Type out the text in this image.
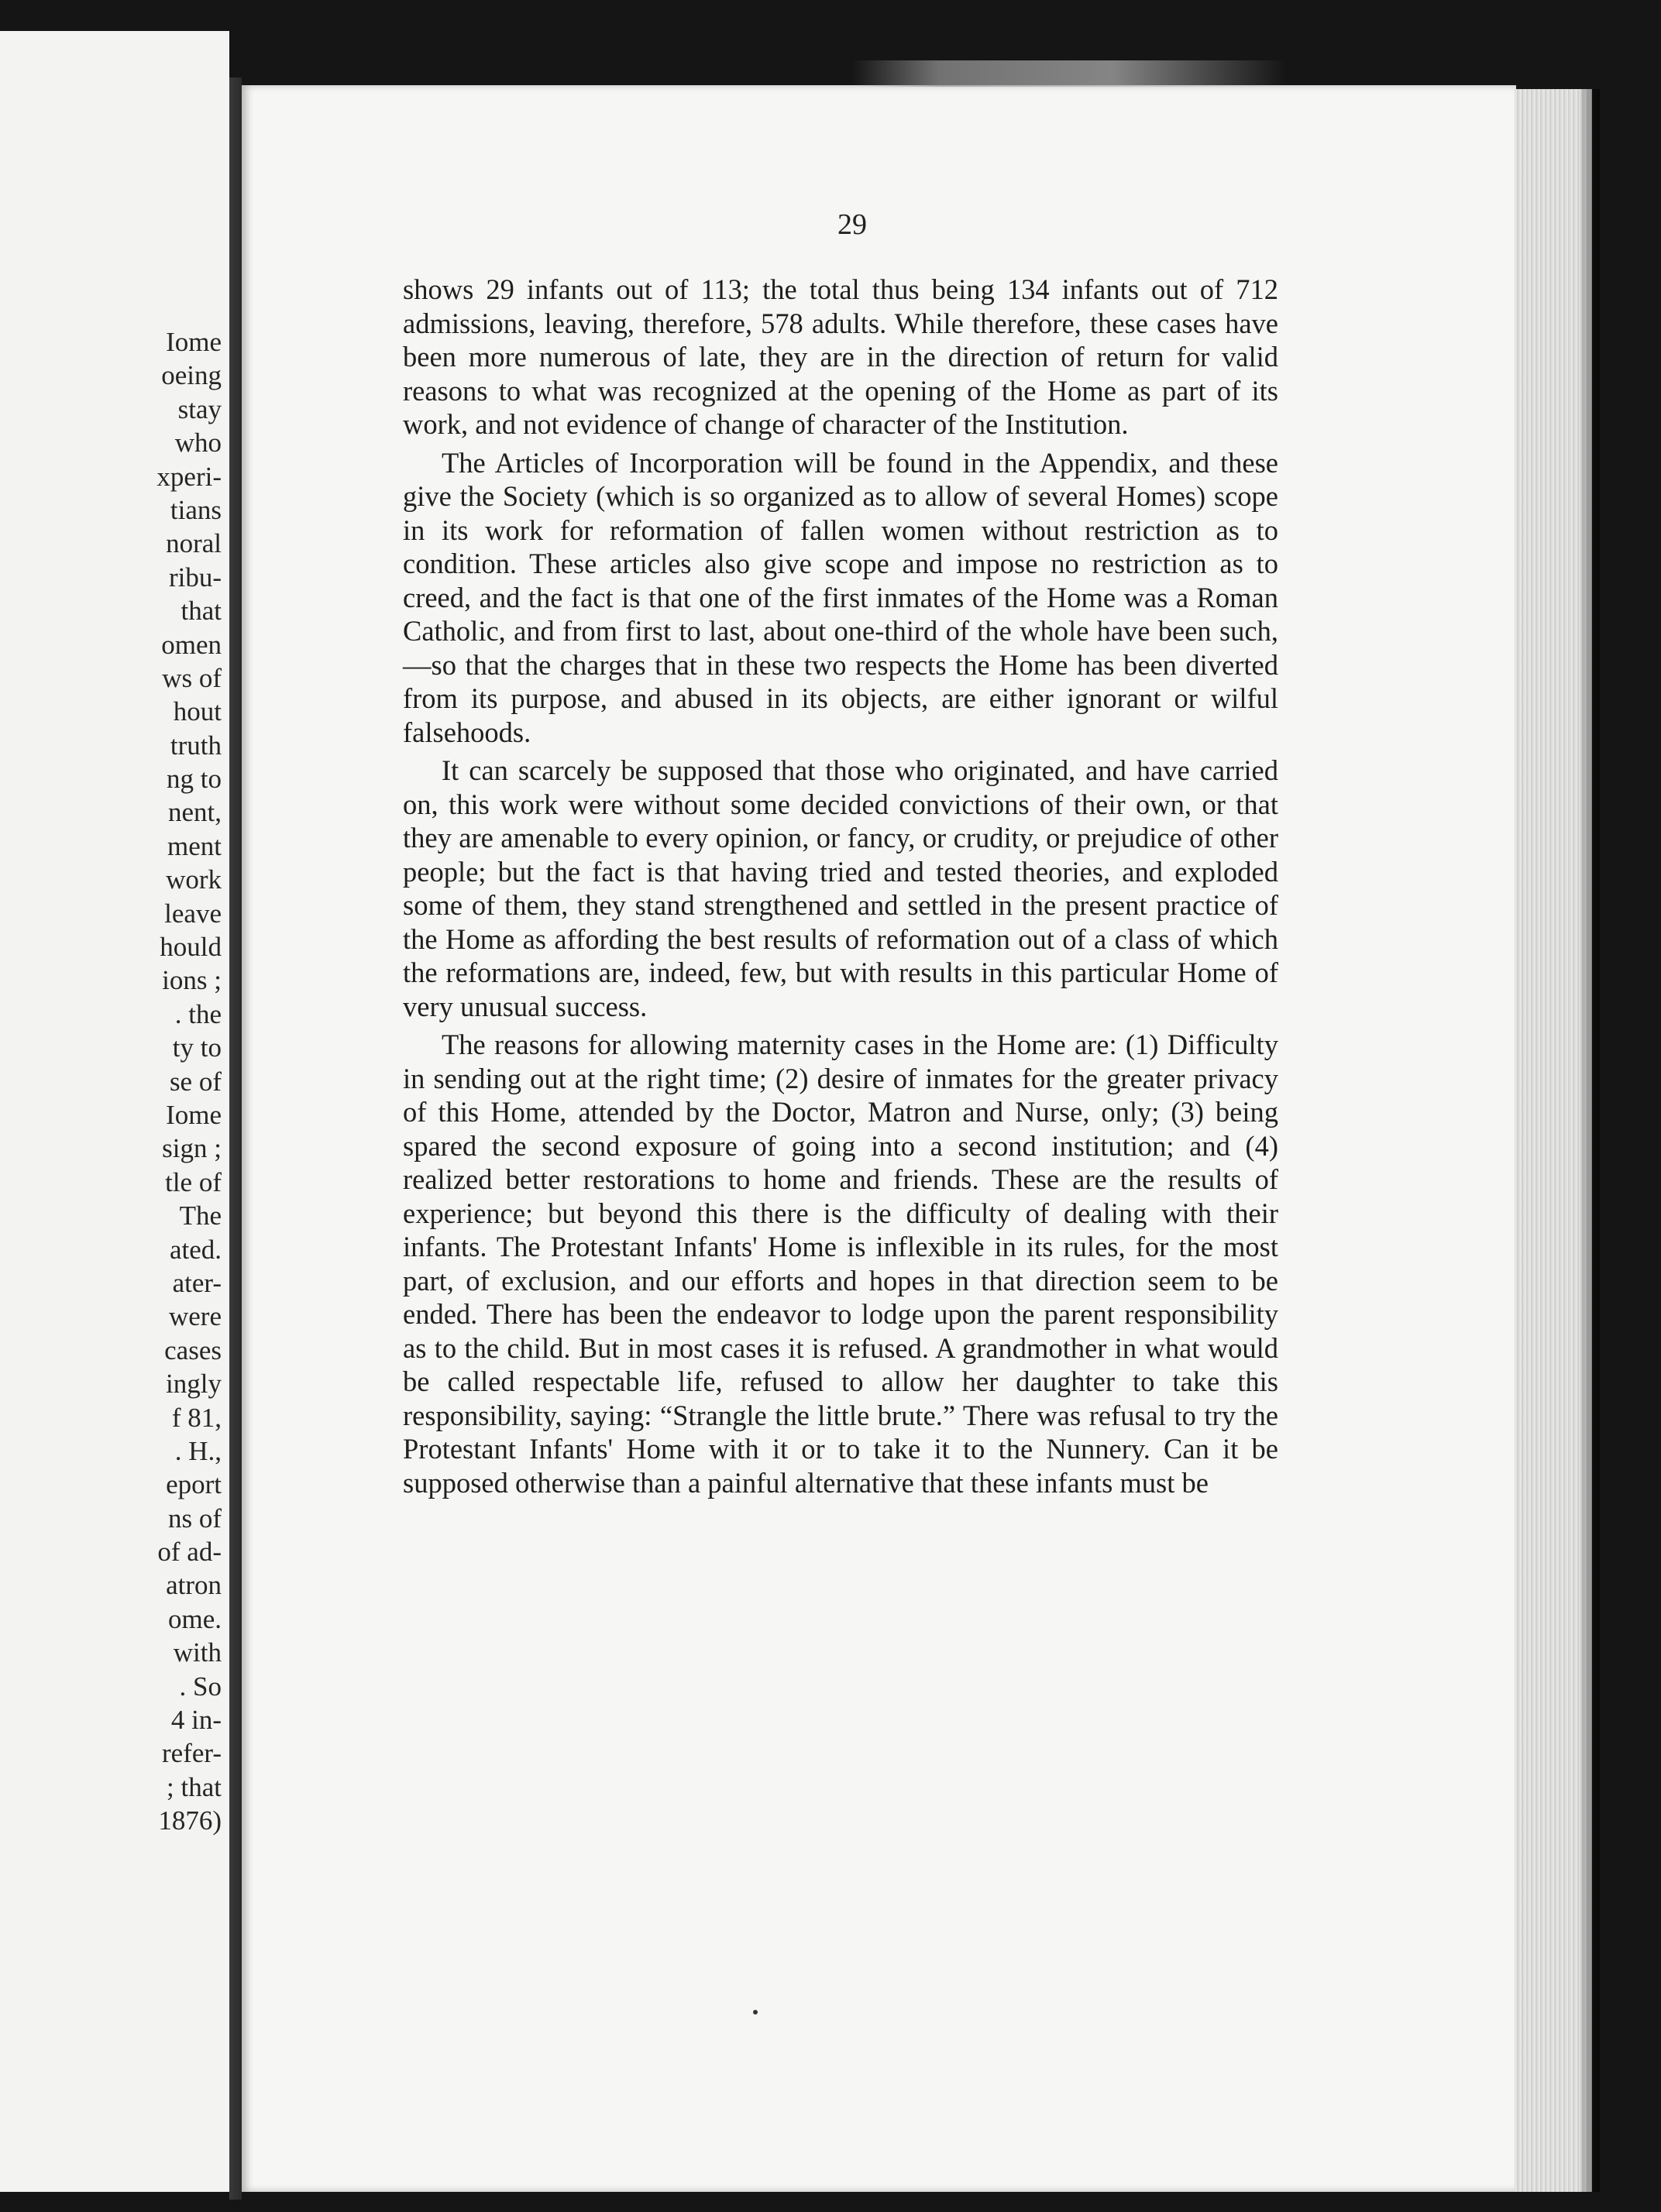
Iome
oeing
stay
who
xperi-
tians
noral
ribu-
that
omen
ws of
hout
truth
ng to
nent,
ment
work
leave
hould
ions ;
. the
ty to
se of
Iome
sign ;
tle of
The
ated.
ater-
were
cases
ingly
f 81,
. H.,
eport
ns of
of ad-
atron
ome.
with
. So
4 in-
refer-
; that
1876)
29

shows 29 infants out of 113; the total thus being 134 infants out of 712 admissions, leaving, therefore, 578 adults. While therefore, these cases have been more numerous of late, they are in the direction of return for valid reasons to what was recognized at the opening of the Home as part of its work, and not evidence of change of character of the Institution.

The Articles of Incorporation will be found in the Appendix, and these give the Society (which is so organized as to allow of several Homes) scope in its work for reformation of fallen women without restriction as to condition. These articles also give scope and impose no restriction as to creed, and the fact is that one of the first inmates of the Home was a Roman Catholic, and from first to last, about one-third of the whole have been such,—so that the charges that in these two respects the Home has been diverted from its purpose, and abused in its objects, are either ignorant or wilful falsehoods.

It can scarcely be supposed that those who originated, and have carried on, this work were without some decided convictions of their own, or that they are amenable to every opinion, or fancy, or crudity, or prejudice of other people; but the fact is that having tried and tested theories, and exploded some of them, they stand strengthened and settled in the present practice of the Home as affording the best results of reformation out of a class of which the reformations are, indeed, few, but with results in this particular Home of very unusual success.

The reasons for allowing maternity cases in the Home are: (1) Difficulty in sending out at the right time; (2) desire of inmates for the greater privacy of this Home, attended by the Doctor, Matron and Nurse, only; (3) being spared the second exposure of going into a second institution; and (4) realized better restorations to home and friends. These are the results of experience; but beyond this there is the difficulty of dealing with their infants. The Protestant Infants' Home is inflexible in its rules, for the most part, of exclusion, and our efforts and hopes in that direction seem to be ended. There has been the endeavor to lodge upon the parent responsibility as to the child. But in most cases it is refused. A grandmother in what would be called respectable life, refused to allow her daughter to take this responsibility, saying: “Strangle the little brute.” There was refusal to try the Protestant Infants' Home with it or to take it to the Nunnery. Can it be supposed otherwise than a painful alternative that these infants must be
